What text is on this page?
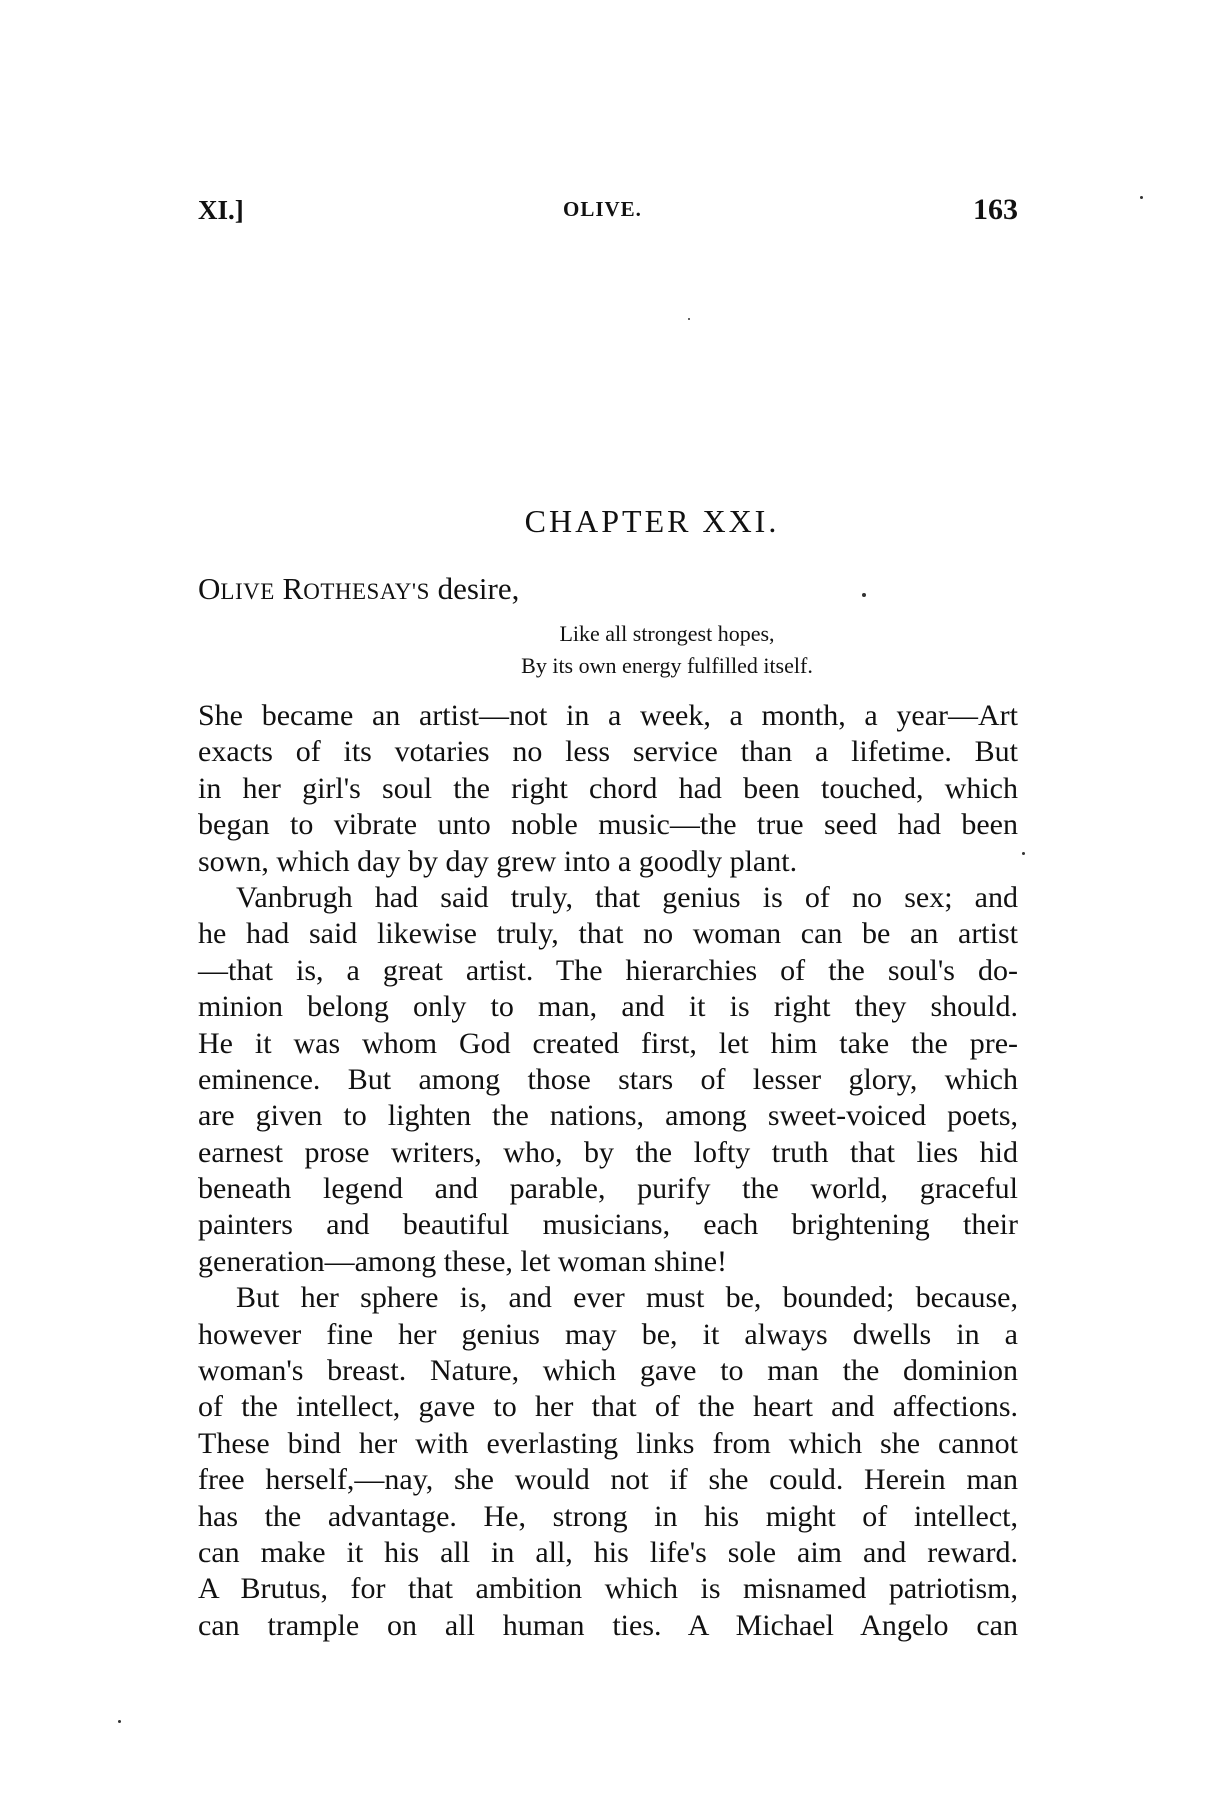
XI.]	OLIVE.	163
CHAPTER XXI.
OLIVE ROTHESAY'S desire,
Like all strongest hopes,
By its own energy fulfilled itself.
She became an artist—not in a week, a month, a year—Art
exacts of its votaries no less service than a lifetime. But
in her girl's soul the right chord had been touched, which
began to vibrate unto noble music—the true seed had been
sown, which day by day grew into a goodly plant.
Vanbrugh had said truly, that genius is of no sex; and
he had said likewise truly, that no woman can be an artist
—that is, a great artist. The hierarchies of the soul's do-
minion belong only to man, and it is right they should.
He it was whom God created first, let him take the pre-
eminence. But among those stars of lesser glory, which
are given to lighten the nations, among sweet-voiced poets,
earnest prose writers, who, by the lofty truth that lies hid
beneath legend and parable, purify the world, graceful
painters and beautiful musicians, each brightening their
generation—among these, let woman shine!
But her sphere is, and ever must be, bounded; because,
however fine her genius may be, it always dwells in a
woman's breast. Nature, which gave to man the dominion
of the intellect, gave to her that of the heart and affections.
These bind her with everlasting links from which she cannot
free herself,—nay, she would not if she could. Herein man
has the advantage. He, strong in his might of intellect,
can make it his all in all, his life's sole aim and reward.
A Brutus, for that ambition which is misnamed patriotism,
can trample on all human ties. A Michael Angelo can
